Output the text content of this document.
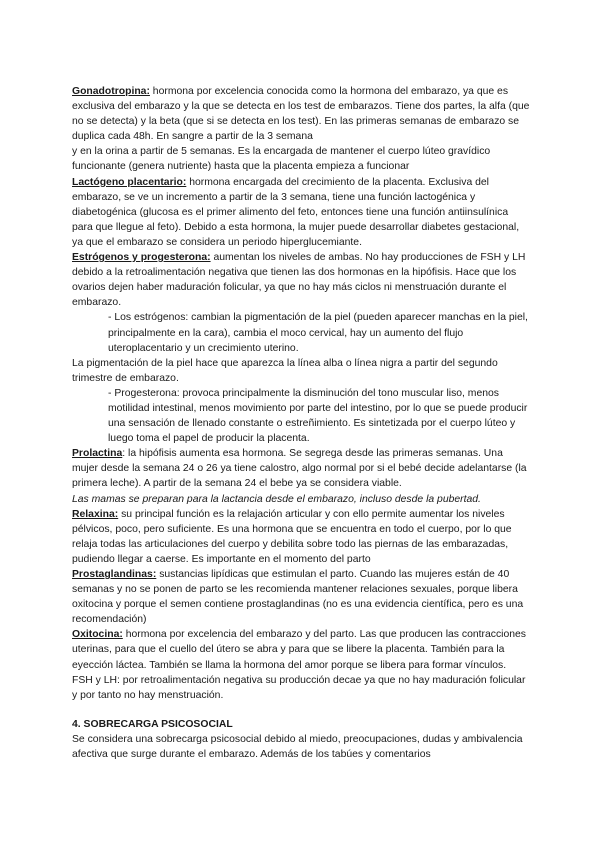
Gonadotropina: hormona por excelencia conocida como la hormona del embarazo, ya que es exclusiva del embarazo y la que se detecta en los test de embarazos. Tiene dos partes, la alfa (que no se detecta) y la beta (que si se detecta en los test). En las primeras semanas de embarazo se duplica cada 48h. En sangre a partir de la 3 semana

y en la orina a partir de 5 semanas. Es la encargada de mantener el cuerpo lúteo gravídico funcionante (genera nutriente) hasta que la placenta empieza a funcionar

Lactógeno placentario: hormona encargada del crecimiento de la placenta. Exclusiva del embarazo, se ve un incremento a partir de la 3 semana, tiene una función lactogénica y diabetogénica (glucosa es el primer alimento del feto, entonces tiene una función antiinsulínica para que llegue al feto). Debido a esta hormona, la mujer puede desarrollar diabetes gestacional, ya que el embarazo se considera un periodo hiperglucemiante.

Estrógenos y progesterona: aumentan los niveles de ambas. No hay producciones de FSH y LH debido a la retroalimentación negativa que tienen las dos hormonas en la hipófisis. Hace que los ovarios dejen haber maduración folicular, ya que no hay más ciclos ni menstruación durante el embarazo.

- Los estrógenos: cambian la pigmentación de la piel (pueden aparecer manchas en la piel, principalmente en la cara), cambia el moco cervical, hay un aumento del flujo uteroplacentario y un crecimiento uterino.

La pigmentación de la piel hace que aparezca la línea alba o línea nigra a partir del segundo trimestre de embarazo.

- Progesterona: provoca principalmente la disminución del tono muscular liso, menos motilidad intestinal, menos movimiento por parte del intestino, por lo que se puede producir una sensación de llenado constante o estreñimiento. Es sintetizada por el cuerpo lúteo y luego toma el papel de producir la placenta.

Prolactina: la hipófisis aumenta esa hormona. Se segrega desde las primeras semanas. Una mujer desde la semana 24 o 26 ya tiene calostro, algo normal por si el bebé decide adelantarse (la primera leche). A partir de la semana 24 el bebe ya se considera viable.

Las mamas se preparan para la lactancia desde el embarazo, incluso desde la pubertad.

Relaxina: su principal función es la relajación articular y con ello permite aumentar los niveles pélvicos, poco, pero suficiente. Es una hormona que se encuentra en todo el cuerpo, por lo que relaja todas las articulaciones del cuerpo y debilita sobre todo las piernas de las embarazadas, pudiendo llegar a caerse. Es importante en el momento del parto

Prostaglandinas: sustancias lipídicas que estimulan el parto. Cuando las mujeres están de 40 semanas y no se ponen de parto se les recomienda mantener relaciones sexuales, porque libera oxitocina y porque el semen contiene prostaglandinas (no es una evidencia científica, pero es una recomendación)

Oxitocina: hormona por excelencia del embarazo y del parto. Las que producen las contracciones uterinas, para que el cuello del útero se abra y para que se libere la placenta. También para la eyección láctea. También se llama la hormona del amor porque se libera para formar vínculos.

FSH y LH: por retroalimentación negativa su producción decae ya que no hay maduración folicular y por tanto no hay menstruación.

4. SOBRECARGA PSICOSOCIAL

Se considera una sobrecarga psicosocial debido al miedo, preocupaciones, dudas y ambivalencia afectiva que surge durante el embarazo. Además de los tabúes y comentarios
